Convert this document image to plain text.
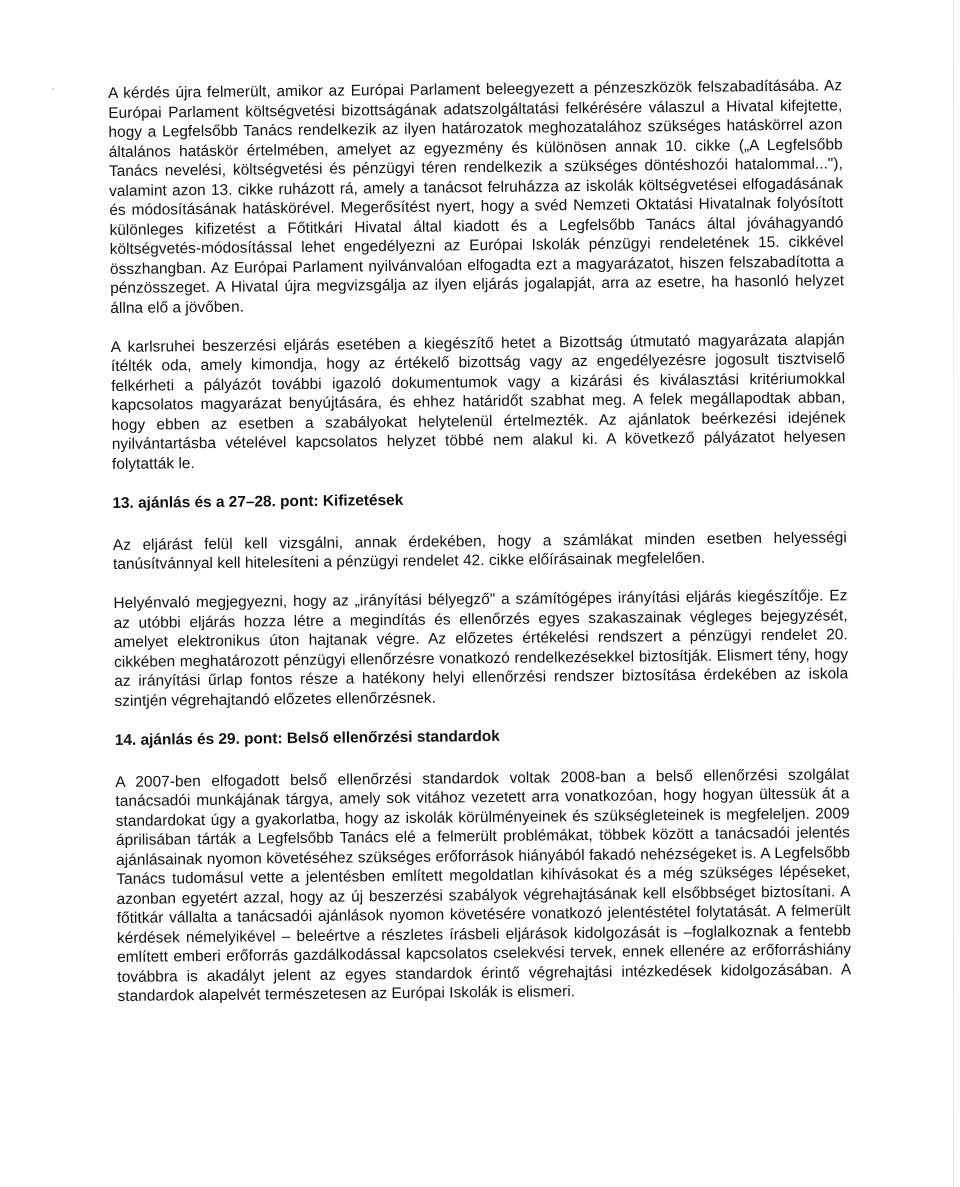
A kérdés újra felmerült, amikor az Európai Parlament beleegyezett a pénzeszközök felszabadításába. Az Európai Parlament költségvetési bizottságának adatszolgáltatási felkérésére válaszul a Hivatal kifejtette, hogy a Legfelsőbb Tanács rendelkezik az ilyen határozatok meghozatalához szükséges hatáskörrel azon általános hatáskör értelmében, amelyet az egyezmény és különösen annak 10. cikke („A Legfelsőbb Tanács nevelési, költségvetési és pénzügyi téren rendelkezik a szükséges döntéshozói hatalommal..."), valamint azon 13. cikke ruházott rá, amely a tanácsot felruházza az iskolák költségvetései elfogadásának és módosításának hatáskörével. Megerősítést nyert, hogy a svéd Nemzeti Oktatási Hivatalnak folyósított különleges kifizetést a Főtitkári Hivatal által kiadott és a Legfelsőbb Tanács által jóváhagyandó költségvetés-módosítással lehet engedélyezni az Európai Iskolák pénzügyi rendeletének 15. cikkével összhangban. Az Európai Parlament nyilvánvalóan elfogadta ezt a magyarázatot, hiszen felszabadította a pénzösszeget. A Hivatal újra megvizsgálja az ilyen eljárás jogalapját, arra az esetre, ha hasonló helyzet állna elő a jövőben.

A karlsruhei beszerzési eljárás esetében a kiegészítő hetet a Bizottság útmutató magyarázata alapján ítélték oda, amely kimondja, hogy az értékelő bizottság vagy az engedélyezésre jogosult tisztviselő felkérheti a pályázót további igazoló dokumentumok vagy a kizárási és kiválasztási kritériumokkal kapcsolatos magyarázat benyújtására, és ehhez határidőt szabhat meg. A felek megállapodtak abban, hogy ebben az esetben a szabályokat helytelenül értelmezték. Az ajánlatok beérkezési idejének nyilvántartásba vételével kapcsolatos helyzet többé nem alakul ki. A következő pályázatot helyesen folytatták le.

13. ajánlás és a 27–28. pont: Kifizetések

Az eljárást felül kell vizsgálni, annak érdekében, hogy a számlákat minden esetben helyességi tanúsítvánnyal kell hitelesíteni a pénzügyi rendelet 42. cikke előírásainak megfelelően.

Helyénvaló megjegyezni, hogy az „irányítási bélyegző" a számítógépes irányítási eljárás kiegészítője. Ez az utóbbi eljárás hozza létre a megindítás és ellenőrzés egyes szakaszainak végleges bejegyzését, amelyet elektronikus úton hajtanak végre. Az előzetes értékelési rendszert a pénzügyi rendelet 20. cikkében meghatározott pénzügyi ellenőrzésre vonatkozó rendelkezésekkel biztosítják. Elismert tény, hogy az irányítási űrlap fontos része a hatékony helyi ellenőrzési rendszer biztosítása érdekében az iskola szintjén végrehajtandó előzetes ellenőrzésnek.

14. ajánlás és 29. pont: Belső ellenőrzési standardok

A 2007-ben elfogadott belső ellenőrzési standardok voltak 2008-ban a belső ellenőrzési szolgálat tanácsadói munkájának tárgya, amely sok vitához vezetett arra vonatkozóan, hogy hogyan ültessük át a standardokat úgy a gyakorlatba, hogy az iskolák körülményeinek és szükségleteinek is megfeleljen. 2009 áprilisában tárták a Legfelsőbb Tanács elé a felmerült problémákat, többek között a tanácsadói jelentés ajánlásainak nyomon követéséhez szükséges erőforrások hiányából fakadó nehézségeket is. A Legfelsőbb Tanács tudomásul vette a jelentésben említett megoldatlan kihívásokat és a még szükséges lépéseket, azonban egyetért azzal, hogy az új beszerzési szabályok végrehajtásának kell elsőbbséget biztosítani. A főtitkár vállalta a tanácsadói ajánlások nyomon követésére vonatkozó jelentéstétel folytatását. A felmerült kérdések némelyikével – beleértve a részletes írásbeli eljárások kidolgozását is –foglalkoznak a fentebb említett emberi erőforrás gazdálkodással kapcsolatos cselekvési tervek, ennek ellenére az erőforráshiány továbbra is akadályt jelent az egyes standardok érintő végrehajtási intézkedések kidolgozásában. A standardok alapelvét természetesen az Európai Iskolák is elismeri.
